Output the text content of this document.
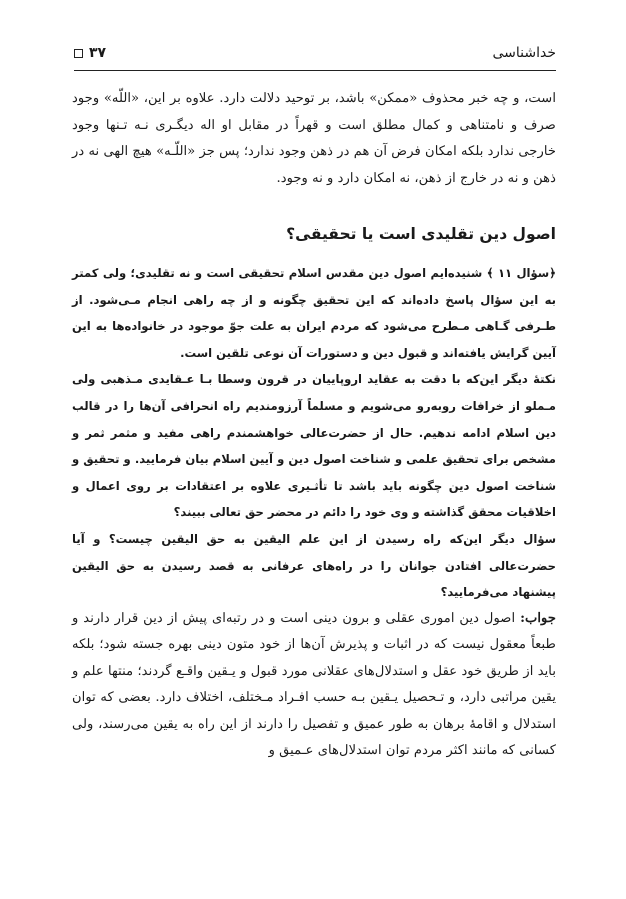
خداشناسی
۳۷

است، و چه خبر محذوف «ممکن» باشد، بر توحید دلالت دارد. علاوه بر این، «اللّه» وجود صرف و نامتناهی و کمال مطلق است و قهراً در مقابل او اله دیگـری نـه تـنها وجود خارجی ندارد بلکه امکان فرض آن هم در ذهن وجود ندارد؛ پس جز «اللّـه» هیچ الهی نه در ذهن و نه در خارج از ذهن، نه امکان دارد و نه وجود.

اصول دین تقلیدی است یا تحقیقی؟

﴿سؤال ۱۱ ﴾ شنیده‌ایم اصول دین مقدس اسلام تحقیقی است و نه تقلیدی؛ ولی کمتر به این سؤال پاسخ داده‌اند که این تحقیق چگونه و از چه راهی انجام مـی‌شود. از طـرفی گـاهی مـطرح می‌شود که مردم ایران به علت جوّ موجود در خانواده‌ها به این آیین گرایش یافته‌اند و قبول دین و دستورات آن نوعی تلقین است.

نکتهٔ دیگر این‌که با دقت به عقاید اروپاییان در قرون وسطا بـا عـقایدی مـذهبی ولی مـملو از خرافات روبه‌رو می‌شویم و مسلماً آرزومندیم راه انحرافی آن‌ها را در قالب دین اسلام ادامه ندهیم. حال از حضرت‌عالی خواهشمندم راهی مفید و مثمر ثمر و مشخص برای تحقیق علمی و شناخت اصول دین و آیین اسلام بیان فرمایید. و تحقیق و شناخت اصول دین چگونه باید باشد تا تأثـیری علاوه بر اعتقادات بر روی اعمال و اخلاقیات محقق گذاشته و وی خود را دائم در محضر حق تعالی ببیند؟

سؤال دیگر این‌که راه رسیدن از این علم الیقین به حق الیقین چیست؟ و آیا حضرت‌عالی افتادن جوانان را در راه‌های عرفانی به قصد رسیدن به حق الیقین پیشنهاد می‌فرمایید؟

جواب: اصول دین اموری عقلی و برون دینی است و در رتبه‌ای پیش از دین قرار دارند و طبعاً معقول نیست که در اثبات و پذیرش آن‌ها از خود متون دینی بهره جسته شود؛ بلکه باید از طریق خود عقل و استدلال‌های عقلانی مورد قبول و یـقین واقـع گردند؛ منتها علم و یقین مراتبی دارد، و تـحصیل یـقین بـه حسب افـراد مـختلف، اختلاف دارد. بعضی که توان استدلال و اقامهٔ برهان به طور عمیق و تفصیل را دارند از این راه به یقین می‌رسند، ولی کسانی که مانند اکثر مردم توان استدلال‌های عـمیق و
